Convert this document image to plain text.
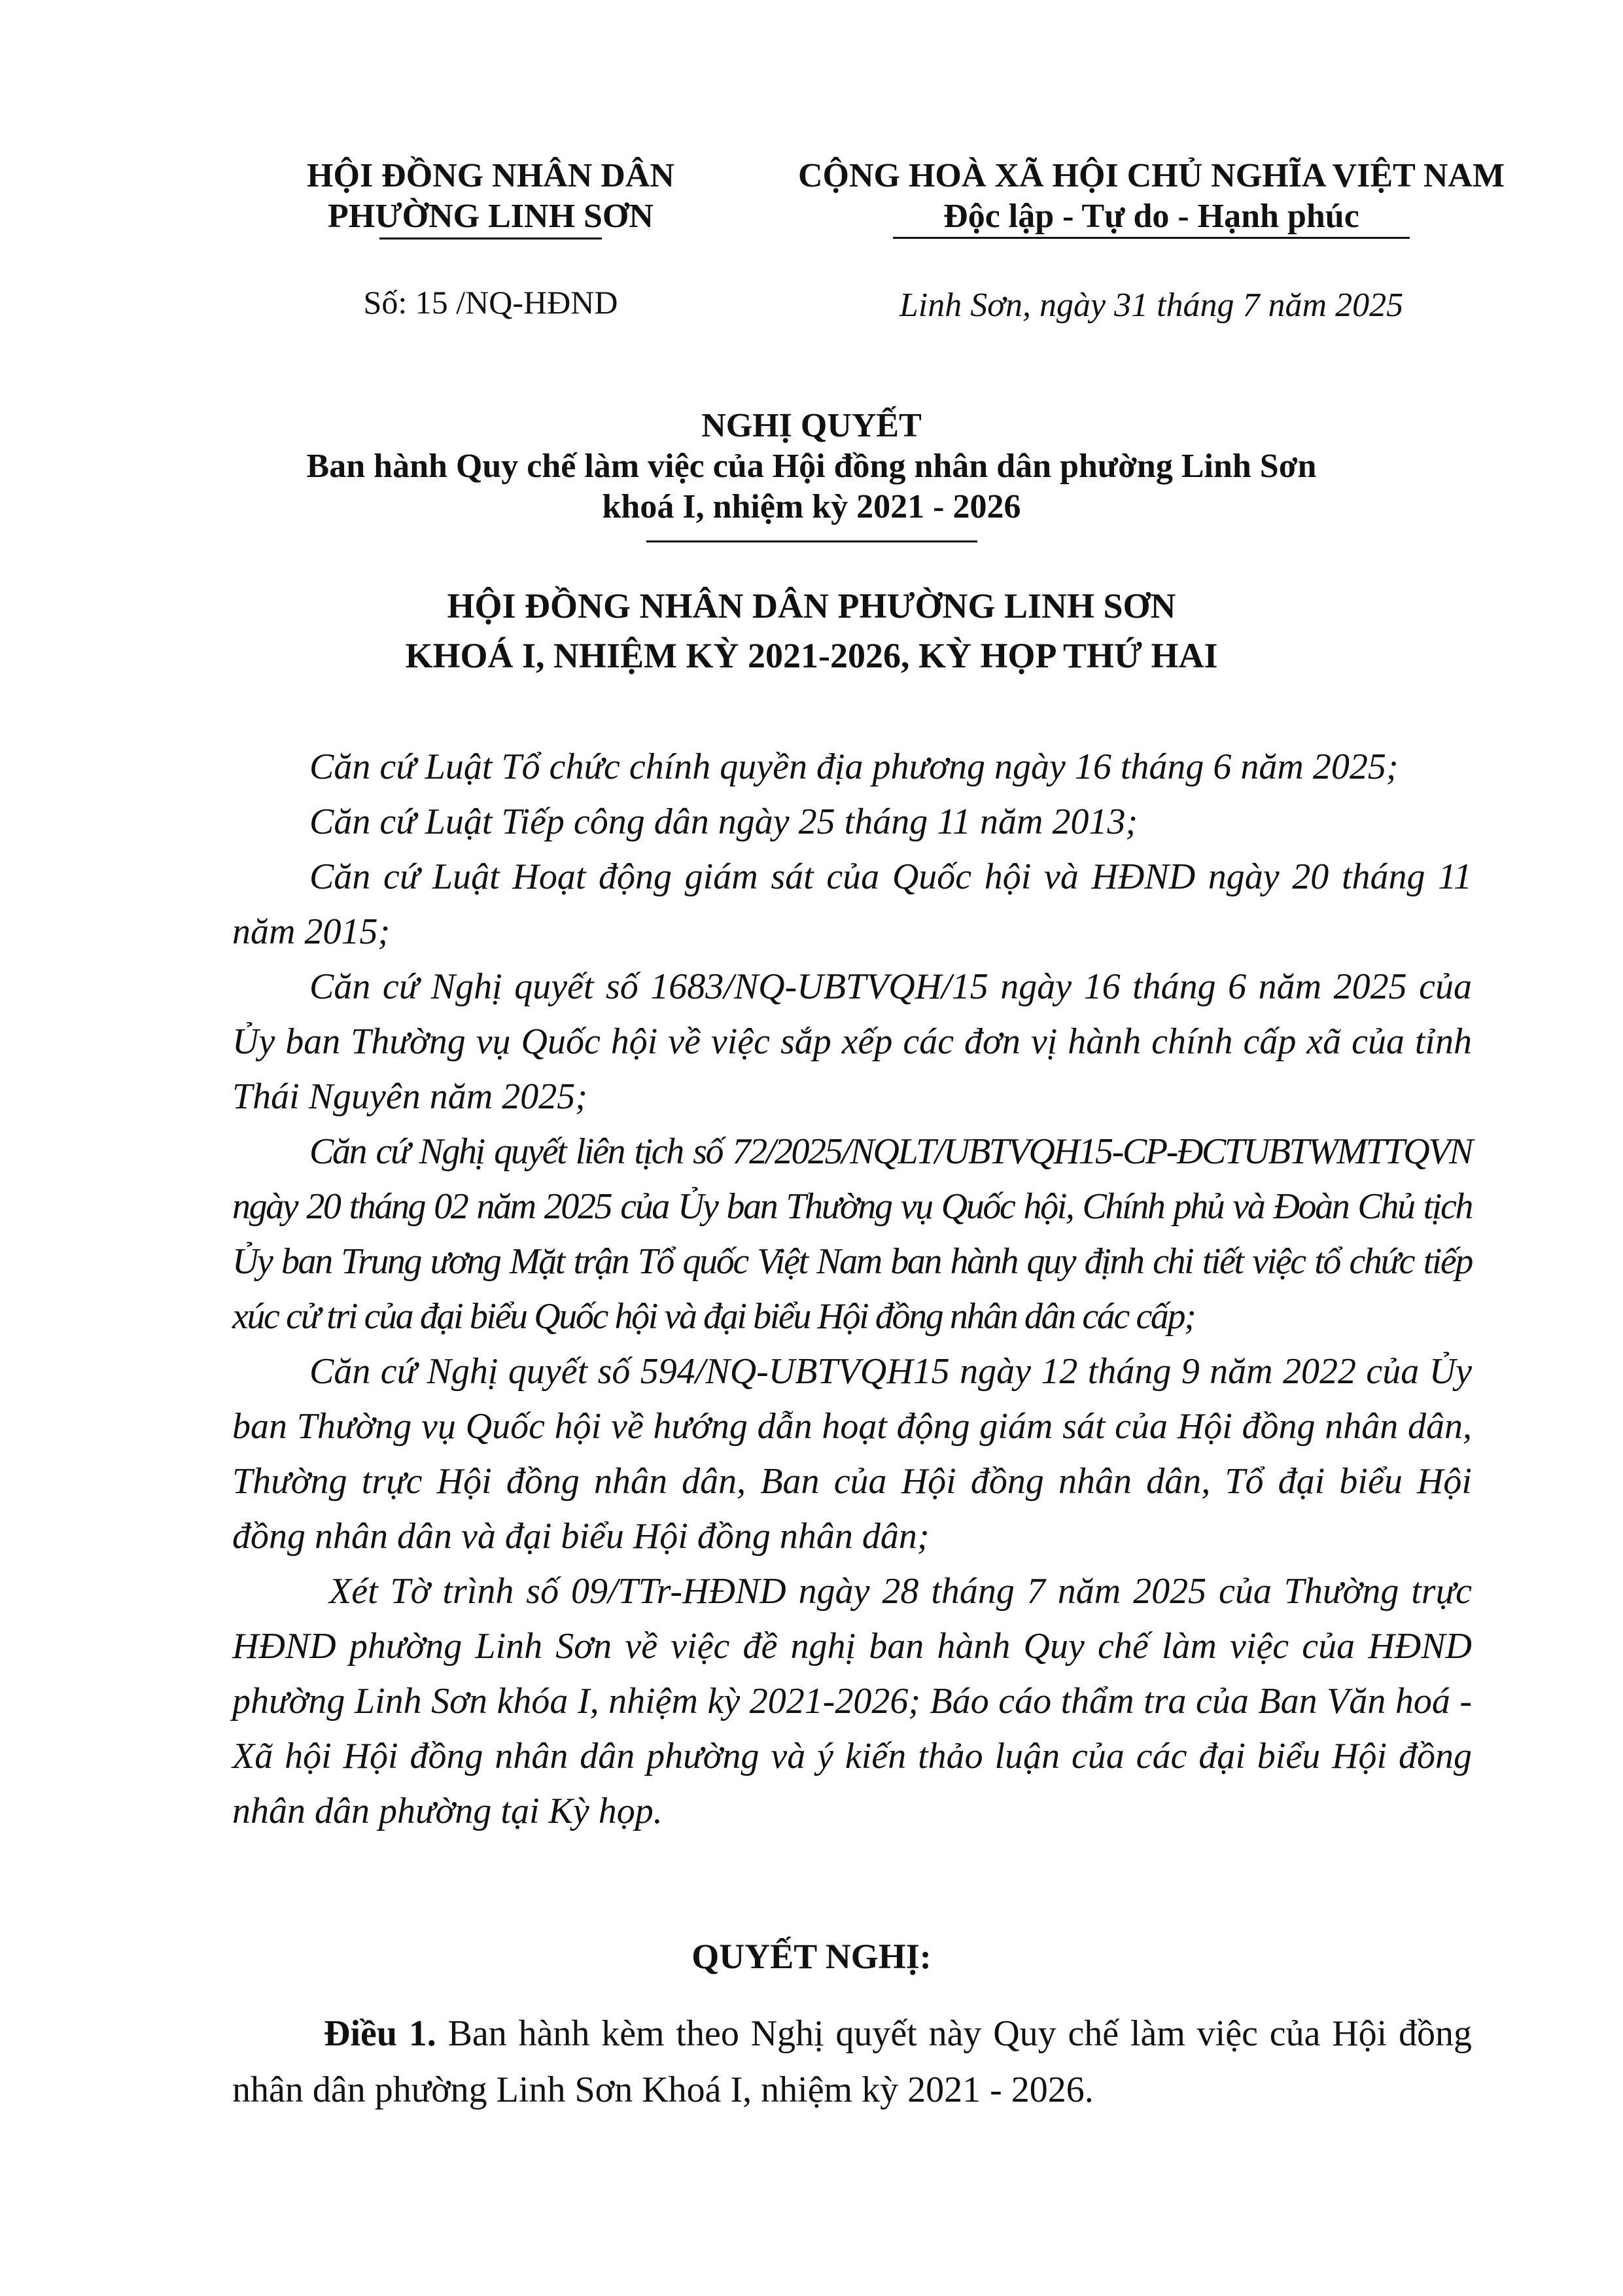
HỘI ĐỒNG NHÂN DÂN
PHƯỜNG LINH SƠN
CỘNG HOÀ XÃ HỘI CHỦ NGHĨA VIỆT NAM
Độc lập - Tự do - Hạnh phúc
Số: 15 /NQ-HĐND	Linh Sơn, ngày 31 tháng 7 năm 2025
NGHỊ QUYẾT
Ban hành Quy chế làm việc của Hội đồng nhân dân phường Linh Sơn
khoá I, nhiệm kỳ 2021 - 2026
HỘI ĐỒNG NHÂN DÂN PHƯỜNG LINH SƠN
KHOÁ I, NHIỆM KỲ 2021-2026, KỲ HỌP THỨ HAI

Căn cứ Luật Tổ chức chính quyền địa phương ngày 16 tháng 6 năm 2025;

Căn cứ Luật Tiếp công dân ngày 25 tháng 11 năm 2013;

Căn cứ Luật Hoạt động giám sát của Quốc hội và HĐND ngày 20 tháng 11 năm 2015;

Căn cứ Nghị quyết số 1683/NQ-UBTVQH/15 ngày 16 tháng 6 năm 2025 của Ủy ban Thường vụ Quốc hội về việc sắp xếp các đơn vị hành chính cấp xã của tỉnh Thái Nguyên năm 2025;

Căn cứ Nghị quyết liên tịch số 72/2025/NQLT/UBTVQH15-CP-ĐCTUBTWMTTQVN ngày 20 tháng 02 năm 2025 của Ủy ban Thường vụ Quốc hội, Chính phủ và Đoàn Chủ tịch Ủy ban Trung ương Mặt trận Tổ quốc Việt Nam ban hành quy định chi tiết việc tổ chức tiếp xúc cử tri của đại biểu Quốc hội và đại biểu Hội đồng nhân dân các cấp;

Căn cứ Nghị quyết số 594/NQ-UBTVQH15 ngày 12 tháng 9 năm 2022 của Ủy ban Thường vụ Quốc hội về hướng dẫn hoạt động giám sát của Hội đồng nhân dân, Thường trực Hội đồng nhân dân, Ban của Hội đồng nhân dân, Tổ đại biểu Hội đồng nhân dân và đại biểu Hội đồng nhân dân;

Xét Tờ trình số 09/TTr-HĐND ngày 28 tháng 7 năm 2025 của Thường trực HĐND phường Linh Sơn về việc đề nghị ban hành Quy chế làm việc của HĐND phường Linh Sơn khóa I, nhiệm kỳ 2021-2026; Báo cáo thẩm tra của Ban Văn hoá - Xã hội Hội đồng nhân dân phường và ý kiến thảo luận của các đại biểu Hội đồng nhân dân phường tại Kỳ họp.

QUYẾT NGHỊ:

Điều 1. Ban hành kèm theo Nghị quyết này Quy chế làm việc của Hội đồng nhân dân phường Linh Sơn Khoá I, nhiệm kỳ 2021 - 2026.
